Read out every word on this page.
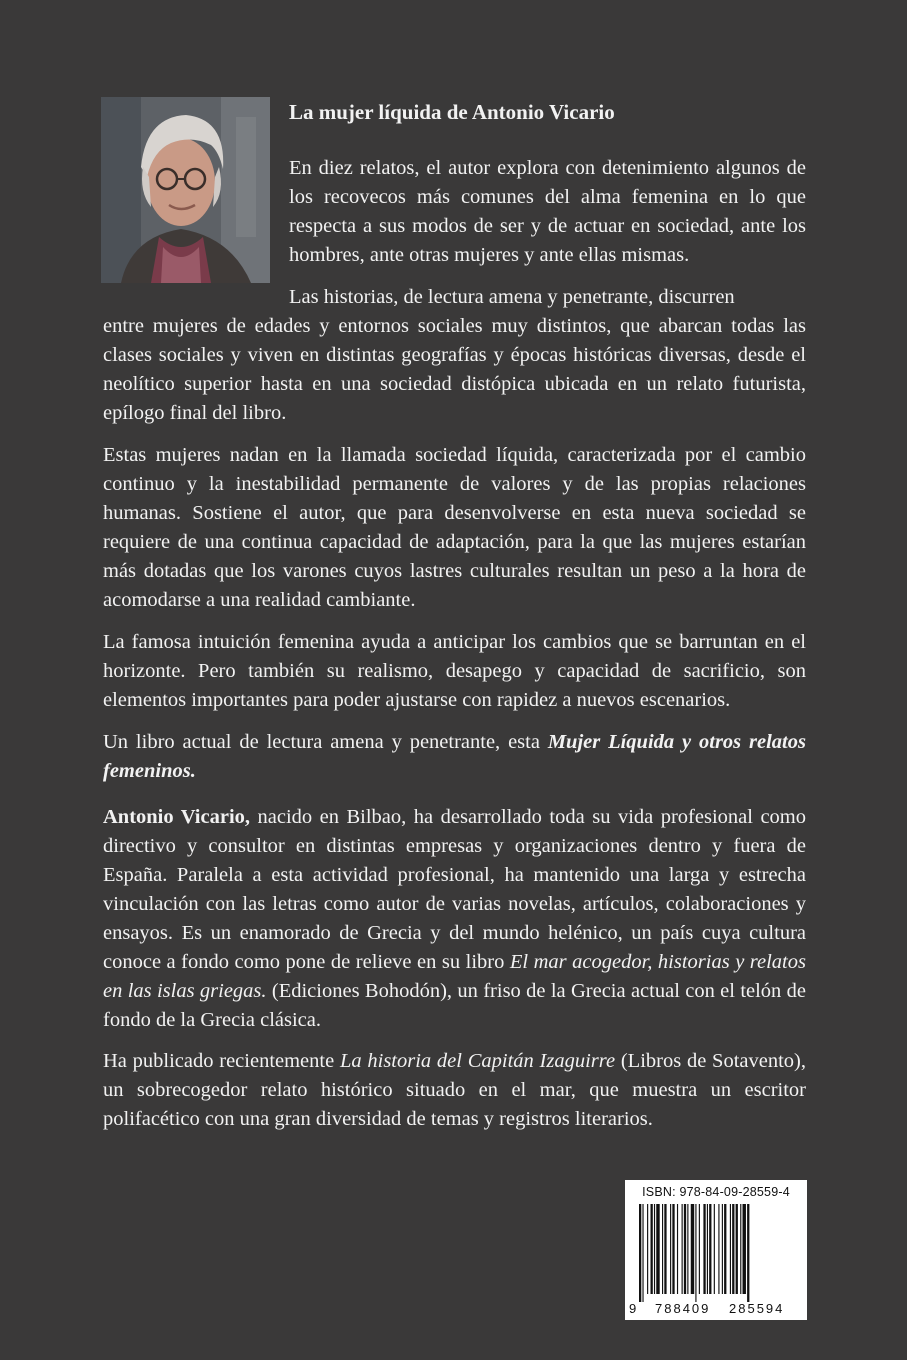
La mujer líquida de Antonio Vicario

En diez relatos, el autor explora con detenimiento algunos de los recovecos más comunes del alma femenina en lo que respecta a sus modos de ser y de actuar en sociedad, ante los hombres, ante otras mujeres y ante ellas mismas.

Las historias, de lectura amena y penetrante, discurren

entre mujeres de edades y entornos sociales muy distintos, que abarcan todas las clases sociales y viven en distintas geografías y épocas históricas diversas, desde el neolítico superior hasta en una sociedad distópica ubicada en un relato futurista, epílogo final del libro.

Estas mujeres nadan en la llamada sociedad líquida, caracterizada por el cambio continuo y la inestabilidad permanente de valores y de las propias relaciones humanas. Sostiene el autor, que para desenvolverse en esta nueva sociedad se requiere de una continua capacidad de adaptación, para la que las mujeres estarían más dotadas que los varones cuyos lastres culturales resultan un peso a la hora de acomodarse a una realidad cambiante.

La famosa intuición femenina ayuda a anticipar los cambios que se barruntan en el horizonte. Pero también su realismo, desapego y capacidad de sacrificio, son elementos importantes para poder ajustarse con rapidez a nuevos escenarios.

Un libro actual de lectura amena y penetrante, esta Mujer Líquida y otros relatos femeninos.

Antonio Vicario, nacido en Bilbao, ha desarrollado toda su vida profesional como directivo y consultor en distintas empresas y organizaciones dentro y fuera de España. Paralela a esta actividad profesional, ha mantenido una larga y estrecha vinculación con las letras como autor de varias novelas, artículos, colaboraciones y ensayos. Es un enamorado de Grecia y del mundo helénico, un país cuya cultura conoce a fondo como pone de relieve en su libro El mar acogedor, historias y relatos en las islas griegas. (Ediciones Bohodón), un friso de la Grecia actual con el telón de fondo de la Grecia clásica.

Ha publicado recientemente La historia del Capitán Izaguirre (Libros de Sotavento), un sobrecogedor relato histórico situado en el mar, que muestra un escritor polifacético con una gran diversidad de temas y registros literarios.

ISBN: 978-84-09-28559-4
9 788409 285594
